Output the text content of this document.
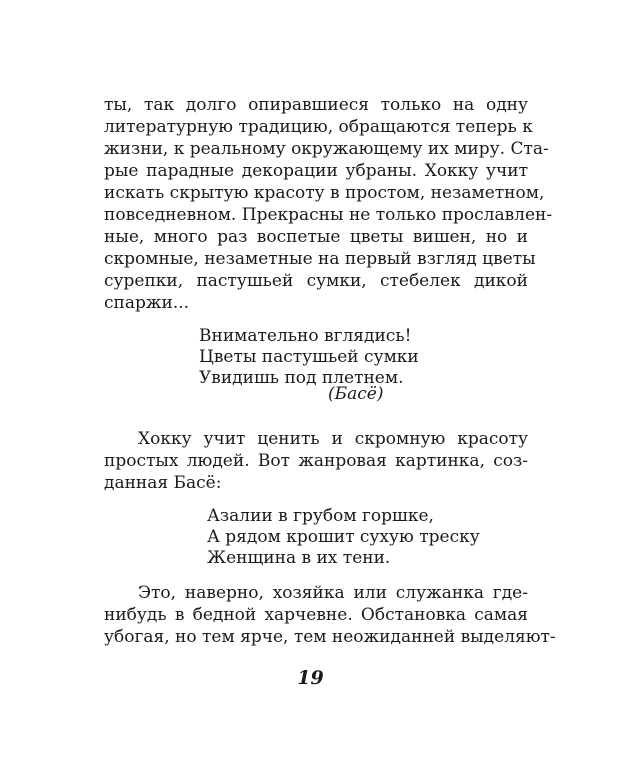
ты, так долго опиравшиеся только на одну
литературную традицию, обращаются теперь к
жизни, к реальному окружающему их миру. Ста-
рые парадные декорации убраны. Хокку учит
искать скрытую красоту в простом, незаметном,
повседневном. Прекрасны не только прославлен-
ные, много раз воспетые цветы вишен, но и
скромные, незаметные на первый взгляд цветы
сурепки, пастушьей сумки, стебелек дикой
спаржи...
Внимательно вглядись!
Цветы пастушьей сумки
Увидишь под плетнем.
(Басё)
Хокку учит ценить и скромную красоту
простых людей. Вот жанровая картинка, соз-
данная Басё:
Азалии в грубом горшке,
А рядом крошит сухую треску
Женщина в их тени.
Это, наверно, хозяйка или служанка где-
нибудь в бедной харчевне. Обстановка самая
убогая, но тем ярче, тем неожиданней выделяют-
19
